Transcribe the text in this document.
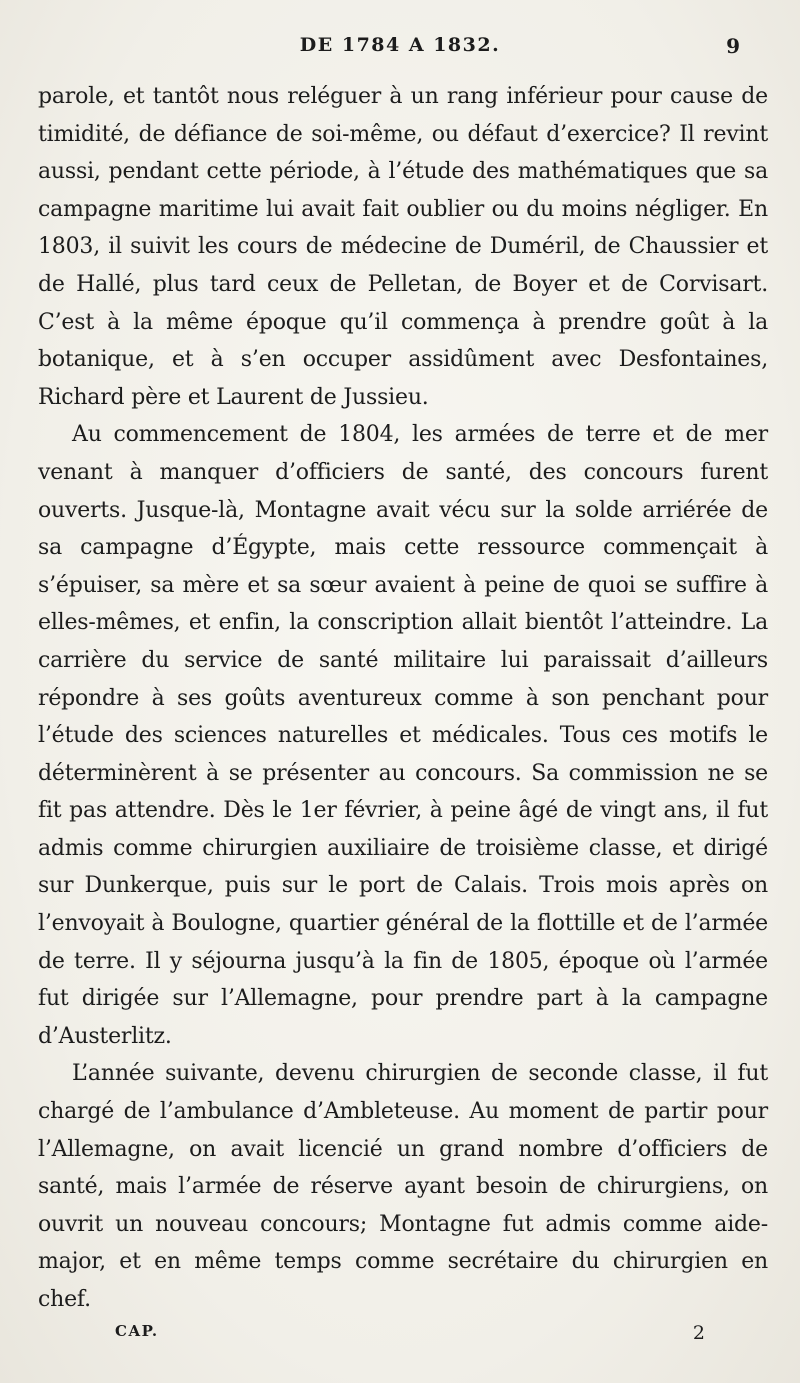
DE 1784 A 1832.	9

parole, et tantôt nous reléguer à un rang inférieur pour cause de timidité, de défiance de soi-même, ou défaut d’exercice? Il revint aussi, pendant cette période, à l’étude des mathématiques que sa campagne maritime lui avait fait oublier ou du moins négliger. En 1803, il suivit les cours de médecine de Duméril, de Chaussier et de Hallé, plus tard ceux de Pelletan, de Boyer et de Corvisart. C’est à la même époque qu’il commença à prendre goût à la botanique, et à s’en occuper assidûment avec Desfontaines, Richard père et Laurent de Jussieu.

Au commencement de 1804, les armées de terre et de mer venant à manquer d’officiers de santé, des concours furent ouverts. Jusque-là, Montagne avait vécu sur la solde arriérée de sa campagne d’Égypte, mais cette ressource commençait à s’épuiser, sa mère et sa sœur avaient à peine de quoi se suffire à elles-mêmes, et enfin, la conscription allait bientôt l’atteindre. La carrière du service de santé militaire lui paraissait d’ailleurs répondre à ses goûts aventureux comme à son penchant pour l’étude des sciences naturelles et médicales. Tous ces motifs le déterminèrent à se présenter au concours. Sa commission ne se fit pas attendre. Dès le 1er février, à peine âgé de vingt ans, il fut admis comme chirurgien auxiliaire de troisième classe, et dirigé sur Dunkerque, puis sur le port de Calais. Trois mois après on l’envoyait à Boulogne, quartier général de la flottille et de l’armée de terre. Il y séjourna jusqu’à la fin de 1805, époque où l’armée fut dirigée sur l’Allemagne, pour prendre part à la campagne d’Austerlitz.

L’année suivante, devenu chirurgien de seconde classe, il fut chargé de l’ambulance d’Ambleteuse. Au moment de partir pour l’Allemagne, on avait licencié un grand nombre d’officiers de santé, mais l’armée de réserve ayant besoin de chirurgiens, on ouvrit un nouveau concours; Montagne fut admis comme aide-major, et en même temps comme secrétaire du chirurgien en chef.

CAP.	2
